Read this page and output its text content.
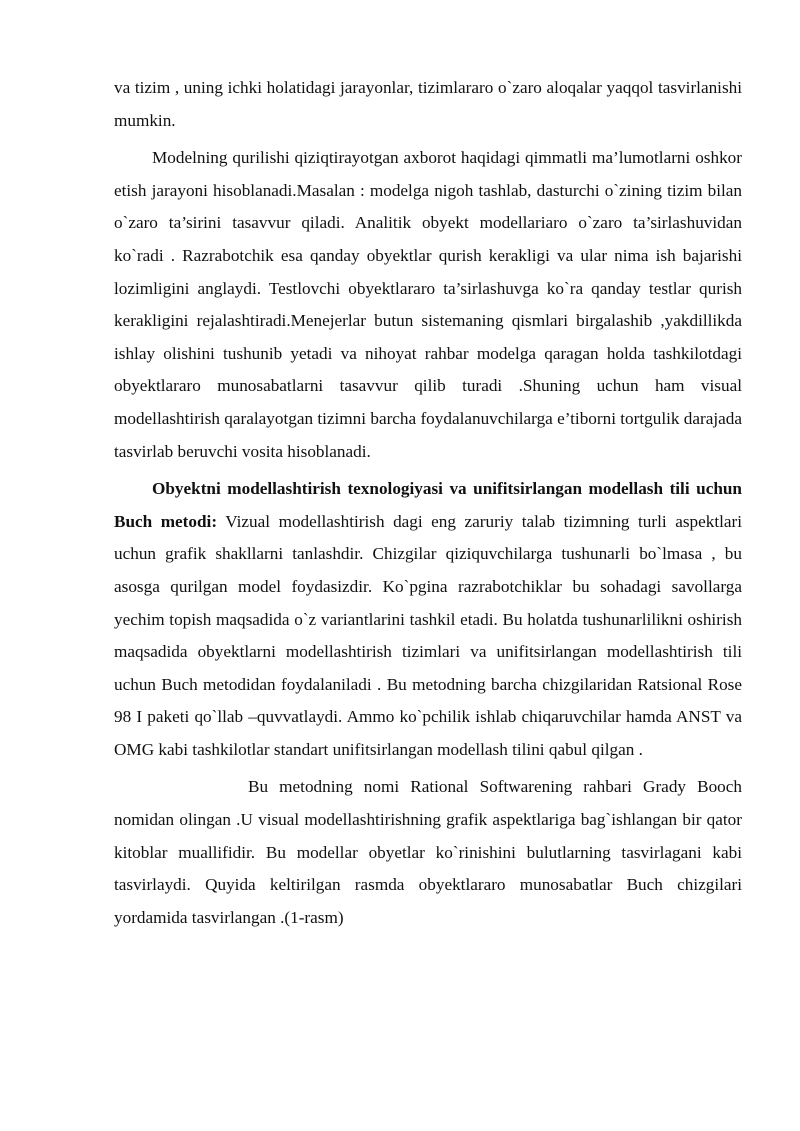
va tizim , uning ichki holatidagi jarayonlar, tizimlararo o`zaro aloqalar yaqqol tasvirlanishi mumkin.

Modelning qurilishi qiziqtirayotgan axborot haqidagi qimmatli ma’lumotlarni oshkor etish jarayoni hisoblanadi.Masalan : modelga nigoh tashlab, dasturchi o`zining tizim bilan o`zaro ta’sirini tasavvur qiladi. Analitik obyekt modellariaro o`zaro ta’sirlashuvidan ko`radi . Razrabotchik esa qanday obyektlar qurish kerakligi va ular nima ish bajarishi lozimligini anglaydi. Testlovchi obyektlararo ta’sirlashuvga ko`ra qanday testlar qurish kerakligini rejalashtiradi.Menejerlar butun sistemaning qismlari birgalashib ,yakdillikda ishlay olishini tushunib yetadi va nihoyat rahbar modelga qaragan holda tashkilotdagi obyektlararo munosabatlarni tasavvur qilib turadi .Shuning uchun ham visual modellashtirish qaralayotgan tizimni barcha foydalanuvchilarga e’tiborni tortgulik darajada tasvirlab beruvchi vosita hisoblanadi.

Obyektni modellashtirish texnologiyasi va unifitsirlangan modellash tili uchun Buch metodi: Vizual modellashtirish dagi eng zaruriy talab tizimning turli aspektlari uchun grafik shakllarni tanlashdir. Chizgilar qiziquvchilarga tushunarli bo`lmasa , bu asosga qurilgan model foydasizdir. Ko`pgina razrabotchiklar bu sohadagi savollarga yechim topish maqsadida o`z variantlarini tashkil etadi. Bu holatda tushunarlilikni oshirish maqsadida obyektlarni modellashtirish tizimlari va unifitsirlangan modellashtirish tili uchun Buch metodidan foydalaniladi . Bu metodning barcha chizgilaridan Ratsional Rose 98 I paketi qo`llab –quvvatlaydi. Ammo ko`pchilik ishlab chiqaruvchilar hamda ANST va OMG kabi tashkilotlar standart unifitsirlangan modellash tilini qabul qilgan .

Bu metodning nomi Rational Softwarening rahbari Grady Booch nomidan olingan .U visual modellashtirishning grafik aspektlariga bag`ishlangan bir qator kitoblar muallifidir. Bu modellar obyetlar ko`rinishini bulutlarning tasvirlagani kabi tasvirlaydi. Quyida keltirilgan rasmda obyektlararo munosabatlar Buch chizgilari yordamida tasvirlangan .(1-rasm)
